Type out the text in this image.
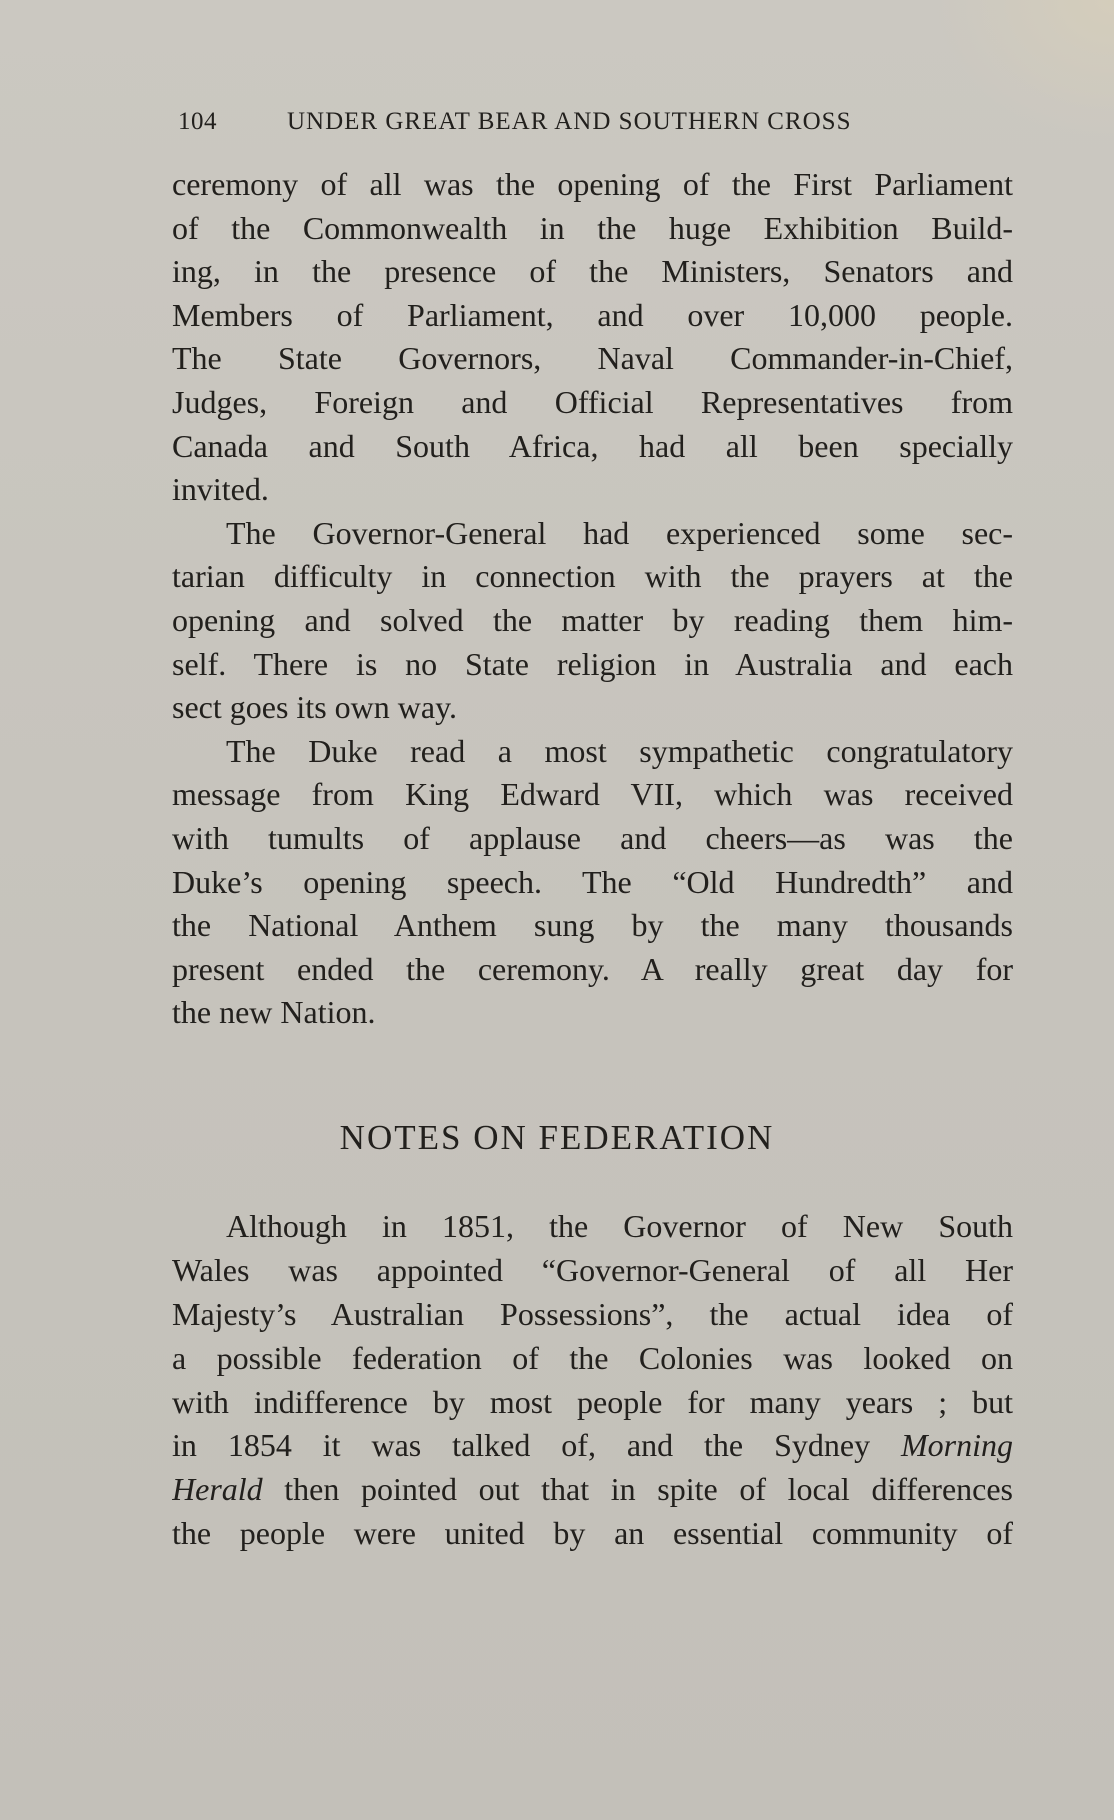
104	UNDER GREAT BEAR AND SOUTHERN CROSS
ceremony of all was the opening of the First Parliament
of the Commonwealth in the huge Exhibition Build-
ing, in the presence of the Ministers, Senators and
Members of Parliament, and over 10,000 people.
The State Governors, Naval Commander-in-Chief,
Judges, Foreign and Official Representatives from
Canada and South Africa, had all been specially
invited.
The Governor-General had experienced some sec-
tarian difficulty in connection with the prayers at the
opening and solved the matter by reading them him-
self. There is no State religion in Australia and each
sect goes its own way.
The Duke read a most sympathetic congratulatory
message from King Edward VII, which was received
with tumults of applause and cheers—as was the
Duke’s opening speech. The “Old Hundredth” and
the National Anthem sung by the many thousands
present ended the ceremony. A really great day for
the new Nation.
NOTES ON FEDERATION
Although in 1851, the Governor of New South
Wales was appointed “Governor-General of all Her
Majesty’s Australian Possessions”, the actual idea of
a possible federation of the Colonies was looked on
with indifference by most people for many years ; but
in 1854 it was talked of, and the Sydney Morning
Herald then pointed out that in spite of local differences
the people were united by an essential community of
